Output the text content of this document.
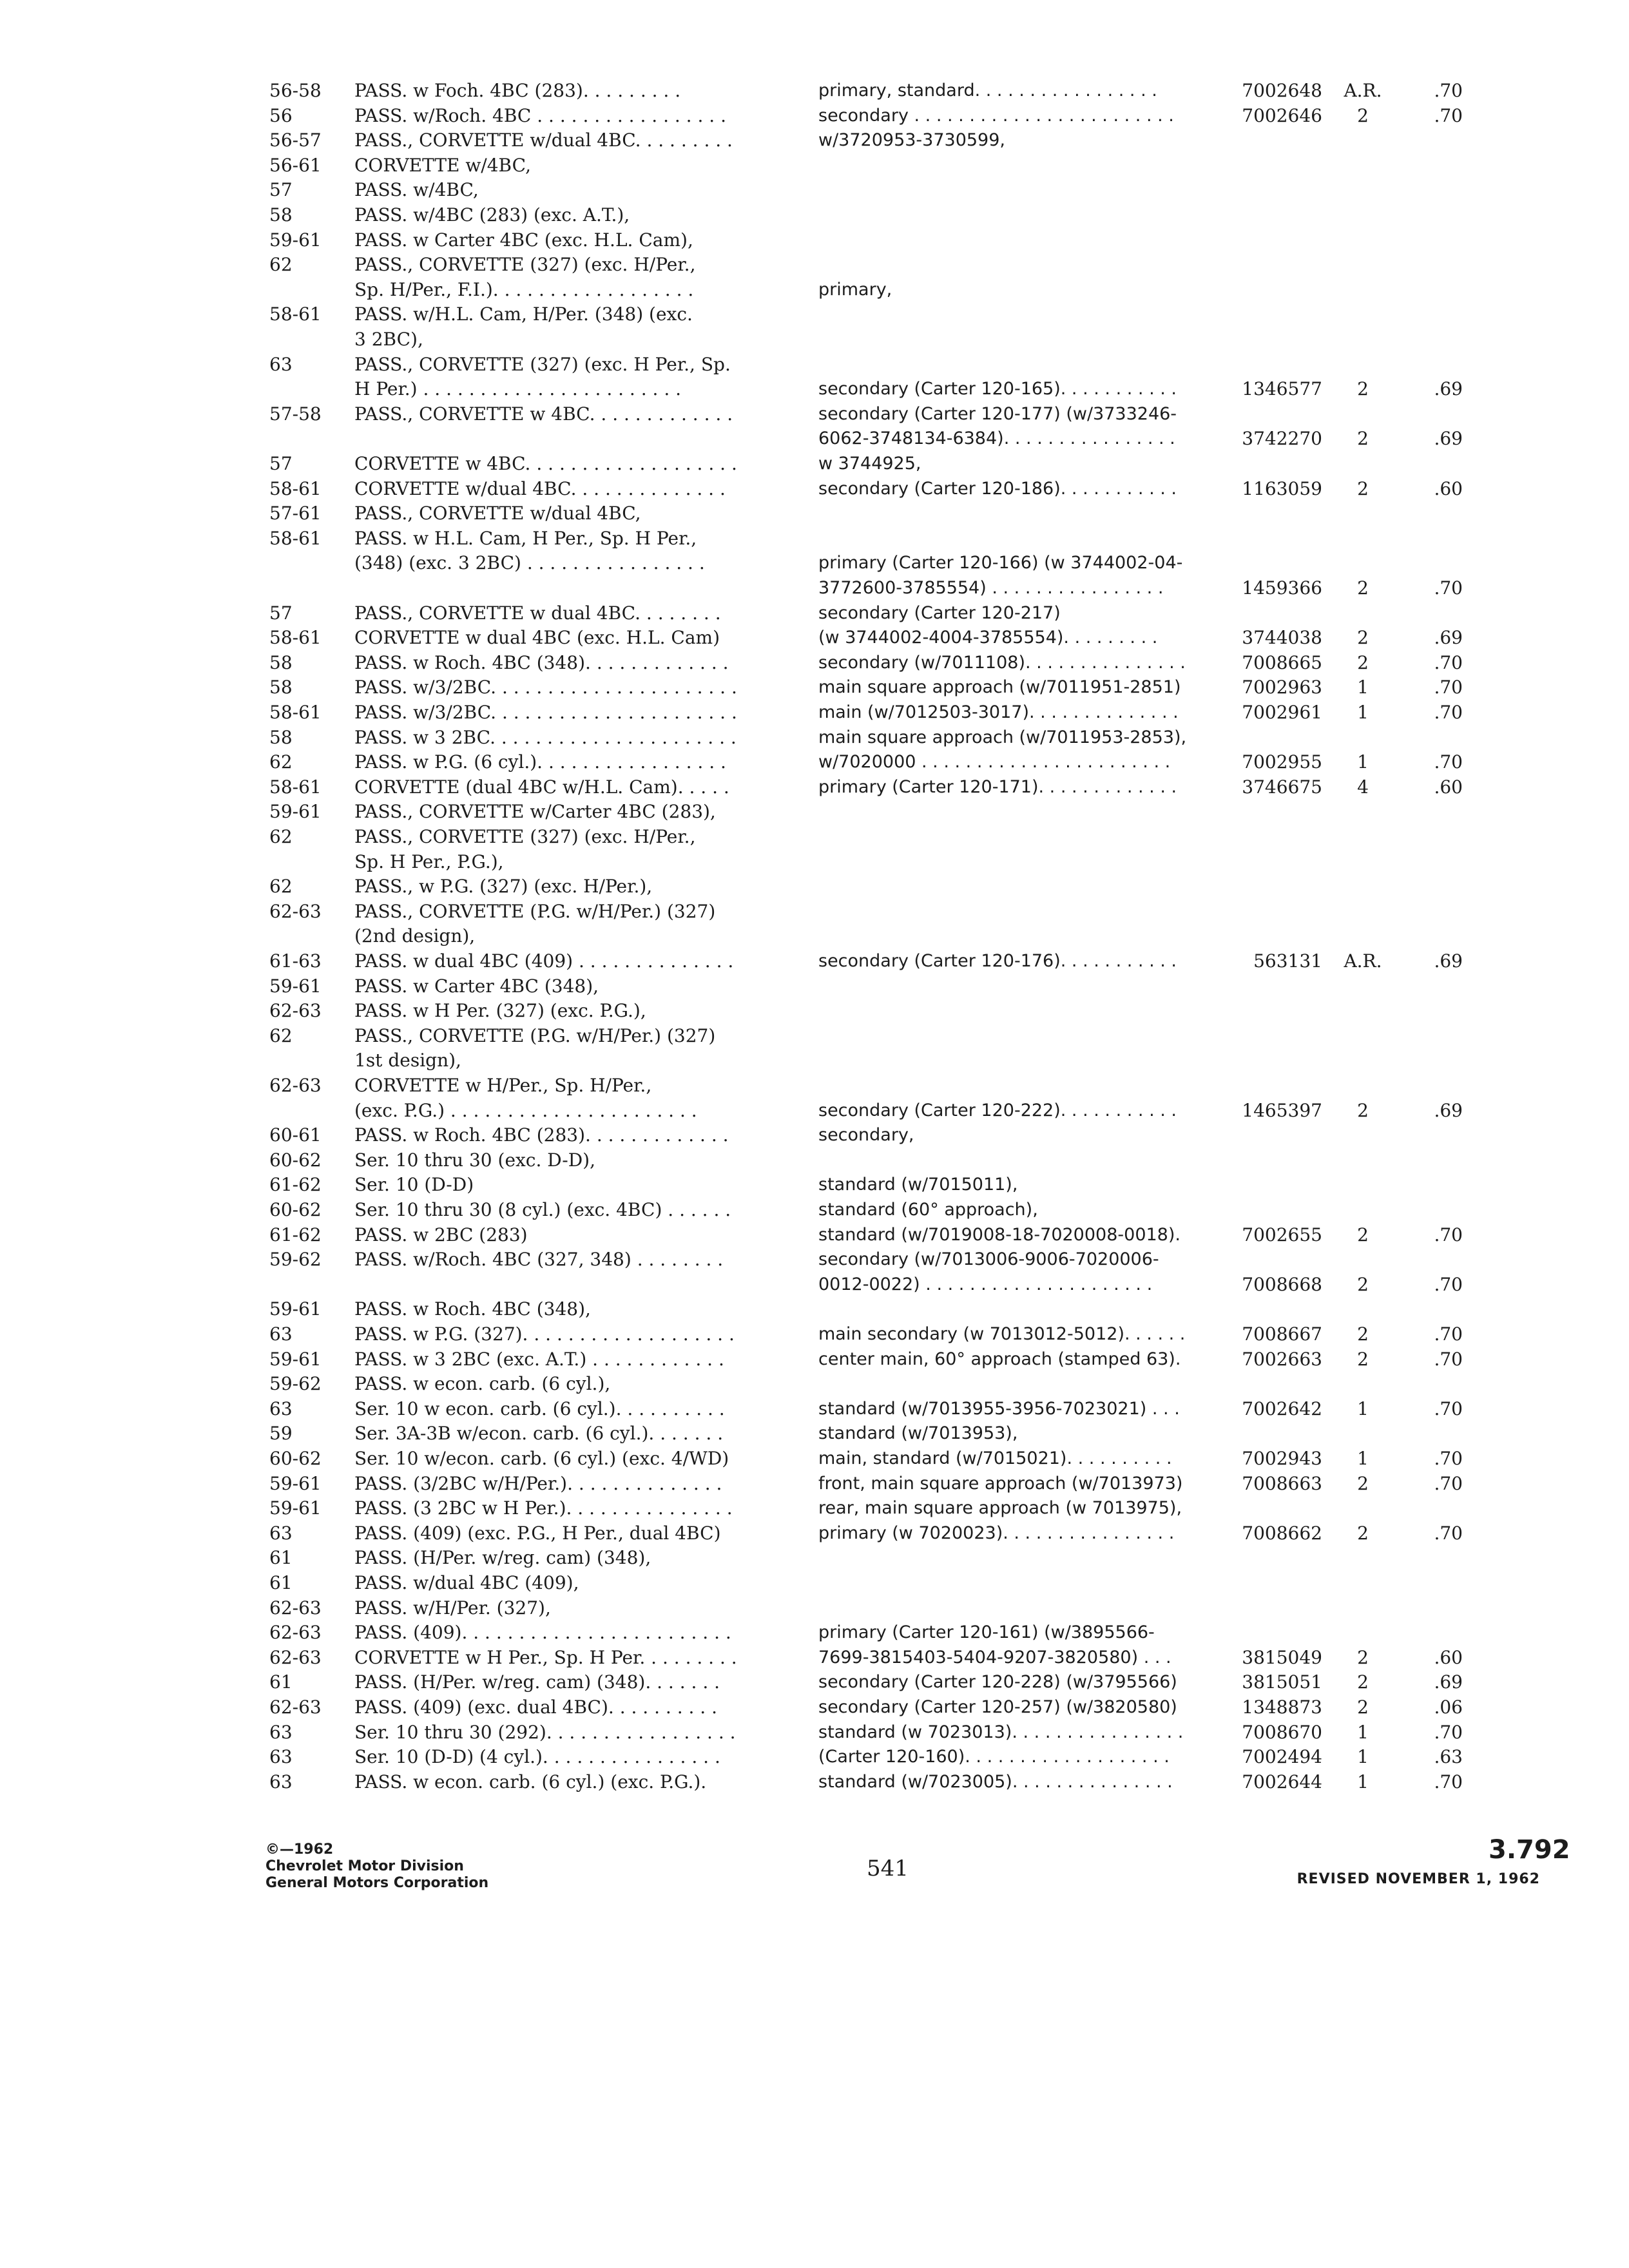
56-58 PASS. w Foch. 4BC (283). . . . . . . . .	primary, standard. . . . . . . . . . . . . . . . .	7002648	A.R.	.70
56	PASS. w/Roch. 4BC . . . . . . . . . . . . . . . . .	secondary . . . . . . . . . . . . . . . . . . . . . . . .	7002646	2	.70
56-57 PASS., CORVETTE w/dual 4BC. . . . . . . . .	w/3720953-3730599,
56-61 CORVETTE w/4BC,
57	PASS. w/4BC,
58	PASS. w/4BC (283) (exc. A.T.),
59-61 PASS. w Carter 4BC (exc. H.L. Cam),
62	PASS., CORVETTE (327) (exc. H/Per.,
Sp. H/Per., F.I.). . . . . . . . . . . . . . . . . .	primary,
58-61 PASS. w/H.L. Cam, H/Per. (348) (exc.
3 2BC),
63	PASS., CORVETTE (327) (exc. H Per., Sp.
H Per.) . . . . . . . . . . . . . . . . . . . . . . .	secondary (Carter 120-165). . . . . . . . . . .	1346577	2	.69
57-58 PASS., CORVETTE w 4BC. . . . . . . . . . . . .	secondary (Carter 120-177) (w/3733246-
6062-3748134-6384). . . . . . . . . . . . . . . .	3742270	2	.69
57	CORVETTE w 4BC. . . . . . . . . . . . . . . . . . .	w 3744925,
58-61 CORVETTE w/dual 4BC. . . . . . . . . . . . . .	secondary (Carter 120-186). . . . . . . . . . .	1163059	2	.60
57-61 PASS., CORVETTE w/dual 4BC,
58-61 PASS. w H.L. Cam, H Per., Sp. H Per.,
(348) (exc. 3 2BC) . . . . . . . . . . . . . . . .	primary (Carter 120-166) (w 3744002-04-
3772600-3785554) . . . . . . . . . . . . . . . .	1459366	2	.70
57	PASS., CORVETTE w dual 4BC. . . . . . . .	secondary (Carter 120-217)
58-61 CORVETTE w dual 4BC (exc. H.L. Cam)	(w 3744002-4004-3785554). . . . . . . . .	3744038	2	.69
58	PASS. w Roch. 4BC (348). . . . . . . . . . . . .	secondary (w/7011108). . . . . . . . . . . . . . .	7008665	2	.70
58	PASS. w/3/2BC. . . . . . . . . . . . . . . . . . . . . .	main square approach (w/7011951-2851)	7002963	1	.70
58-61 PASS. w/3/2BC. . . . . . . . . . . . . . . . . . . . . .	main (w/7012503-3017). . . . . . . . . . . . . .	7002961	1	.70
58	PASS. w 3 2BC. . . . . . . . . . . . . . . . . . . . . .	main square approach (w/7011953-2853),
62	PASS. w P.G. (6 cyl.). . . . . . . . . . . . . . . . .	w/7020000 . . . . . . . . . . . . . . . . . . . . . . .	7002955	1	.70
58-61 CORVETTE (dual 4BC w/H.L. Cam). . . . .	primary (Carter 120-171). . . . . . . . . . . . .	3746675	4	.60
59-61 PASS., CORVETTE w/Carter 4BC (283),
62	PASS., CORVETTE (327) (exc. H/Per.,
Sp. H Per., P.G.),
62	PASS., w P.G. (327) (exc. H/Per.),
62-63 PASS., CORVETTE (P.G. w/H/Per.) (327)
(2nd design),
61-63 PASS. w dual 4BC (409) . . . . . . . . . . . . . .	secondary (Carter 120-176). . . . . . . . . . .	563131	A.R.	.69
59-61 PASS. w Carter 4BC (348),
62-63 PASS. w H Per. (327) (exc. P.G.),
62	PASS., CORVETTE (P.G. w/H/Per.) (327)
1st design),
62-63 CORVETTE w H/Per., Sp. H/Per.,
(exc. P.G.) . . . . . . . . . . . . . . . . . . . . . .	secondary (Carter 120-222). . . . . . . . . . .	1465397	2	.69
60-61 PASS. w Roch. 4BC (283). . . . . . . . . . . . .	secondary,
60-62 Ser. 10 thru 30 (exc. D-D),
61-62 Ser. 10 (D-D)	standard (w/7015011),
60-62 Ser. 10 thru 30 (8 cyl.) (exc. 4BC) . . . . . .	standard (60° approach),
61-62 PASS. w 2BC (283)	standard (w/7019008-18-7020008-0018).	7002655	2	.70
59-62 PASS. w/Roch. 4BC (327, 348) . . . . . . . .	secondary (w/7013006-9006-7020006-
0012-0022) . . . . . . . . . . . . . . . . . . . . .	7008668	2	.70
59-61 PASS. w Roch. 4BC (348),
63	PASS. w P.G. (327). . . . . . . . . . . . . . . . . . .	main secondary (w 7013012-5012). . . . . .	7008667	2	.70
59-61 PASS. w 3 2BC (exc. A.T.) . . . . . . . . . . . .	center main, 60° approach (stamped 63).	7002663	2	.70
59-62 PASS. w econ. carb. (6 cyl.),
63	Ser. 10 w econ. carb. (6 cyl.). . . . . . . . . .	standard (w/7013955-3956-7023021) . . .	7002642	1	.70
59	Ser. 3A-3B w/econ. carb. (6 cyl.). . . . . . .	standard (w/7013953),
60-62 Ser. 10 w/econ. carb. (6 cyl.) (exc. 4/WD)	main, standard (w/7015021). . . . . . . . . .	7002943	1	.70
59-61 PASS. (3/2BC w/H/Per.). . . . . . . . . . . . . .	front, main square approach (w/7013973)	7008663	2	.70
59-61 PASS. (3 2BC w H Per.). . . . . . . . . . . . . . .	rear, main square approach (w 7013975),
63	PASS. (409) (exc. P.G., H Per., dual 4BC)	primary (w 7020023). . . . . . . . . . . . . . . .	7008662	2	.70
61	PASS. (H/Per. w/reg. cam) (348),
61	PASS. w/dual 4BC (409),
62-63 PASS. w/H/Per. (327),
62-63 PASS. (409). . . . . . . . . . . . . . . . . . . . . . . .	primary (Carter 120-161) (w/3895566-
62-63 CORVETTE w H Per., Sp. H Per. . . . . . . . .	7699-3815403-5404-9207-3820580) . . .	3815049	2	.60
61	PASS. (H/Per. w/reg. cam) (348). . . . . . .	secondary (Carter 120-228) (w/3795566)	3815051	2	.69
62-63 PASS. (409) (exc. dual 4BC). . . . . . . . . .	secondary (Carter 120-257) (w/3820580)	1348873	2	.06
63	Ser. 10 thru 30 (292). . . . . . . . . . . . . . . . .	standard (w 7023013). . . . . . . . . . . . . . . .	7008670	1	.70
63	Ser. 10 (D-D) (4 cyl.). . . . . . . . . . . . . . . .	(Carter 120-160). . . . . . . . . . . . . . . . . . .	7002494	1	.63
63	PASS. w econ. carb. (6 cyl.) (exc. P.G.).	standard (w/7023005). . . . . . . . . . . . . . .	7002644	1	.70
©—1962
Chevrolet Motor Division
General Motors Corporation
541
3.792
REVISED NOVEMBER 1, 1962
